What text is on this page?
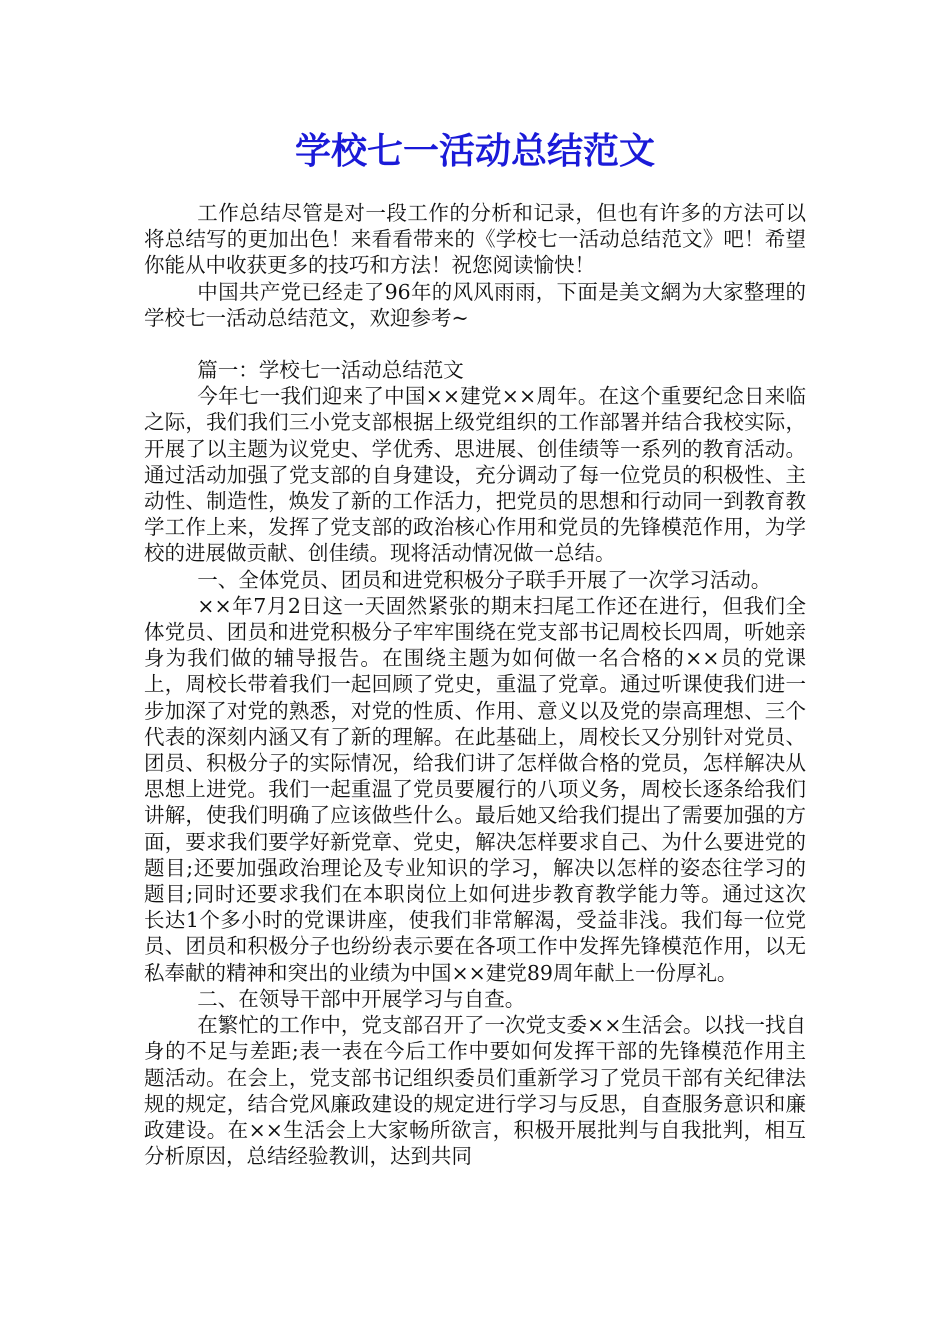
学校七一活动总结范文

工作总结尽管是对一段工作的分析和记录，但也有许多的方法可以将总结写的更加出色！来看看带来的《学校七一活动总结范文》吧！希望你能从中收获更多的技巧和方法！祝您阅读愉快！

中国共产党已经走了96年的风风雨雨，下面是美文網为大家整理的学校七一活动总结范文，欢迎参考~

篇一：学校七一活动总结范文

今年七一我们迎来了中国××建党××周年。在这个重要纪念日来临之际，我们我们三小党支部根据上级党组织的工作部署并结合我校实际，开展了以主题为议党史、学优秀、思进展、创佳绩等一系列的教育活动。通过活动加强了党支部的自身建设，充分调动了每一位党员的积极性、主动性、制造性，焕发了新的工作活力，把党员的思想和行动同一到教育教学工作上来，发挥了党支部的政治核心作用和党员的先锋模范作用，为学校的进展做贡献、创佳绩。现将活动情况做一总结。

一、全体党员、团员和进党积极分子联手开展了一次学习活动。

××年7月2日这一天固然紧张的期末扫尾工作还在进行，但我们全体党员、团员和进党积极分子牢牢围绕在党支部书记周校长四周，听她亲身为我们做的辅导报告。在围绕主题为如何做一名合格的××员的党课上，周校长带着我们一起回顾了党史，重温了党章。通过听课使我们进一步加深了对党的熟悉，对党的性质、作用、意义以及党的崇高理想、三个代表的深刻内涵又有了新的理解。在此基础上，周校长又分别针对党员、团员、积极分子的实际情况，给我们讲了怎样做合格的党员，怎样解决从思想上进党。我们一起重温了党员要履行的八项义务，周校长逐条给我们讲解，使我们明确了应该做些什么。最后她又给我们提出了需要加强的方面，要求我们要学好新党章、党史，解决怎样要求自己、为什么要进党的题目;还要加强政治理论及专业知识的学习，解决以怎样的姿态往学习的题目;同时还要求我们在本职岗位上如何进步教育教学能力等。通过这次长达1个多小时的党课讲座，使我们非常解渴，受益非浅。我们每一位党员、团员和积极分子也纷纷表示要在各项工作中发挥先锋模范作用，以无私奉献的精神和突出的业绩为中国××建党89周年献上一份厚礼。

二、在领导干部中开展学习与自查。

在繁忙的工作中，党支部召开了一次党支委××生活会。以找一找自身的不足与差距;表一表在今后工作中要如何发挥干部的先锋模范作用主题活动。在会上，党支部书记组织委员们重新学习了党员干部有关纪律法规的规定，结合党风廉政建设的规定进行学习与反思，自查服务意识和廉政建设。在××生活会上大家畅所欲言，积极开展批判与自我批判，相互分析原因，总结经验教训，达到共同
